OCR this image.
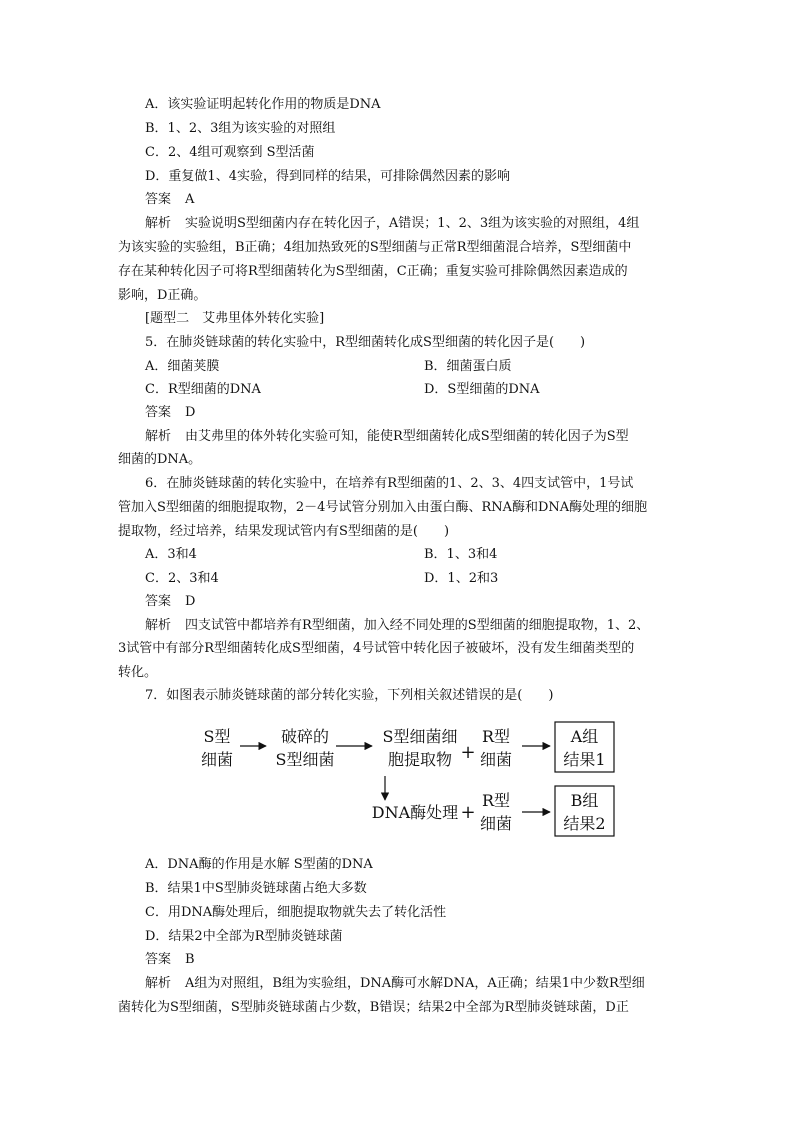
A．该实验证明起转化作用的物质是DNA
B．1、2、3组为该实验的对照组
C．2、4组可观察到 S型活菌
D．重复做1、4实验，得到同样的结果，可排除偶然因素的影响
答案 A
解析 实验说明S型细菌内存在转化因子，A错误；1、2、3组为该实验的对照组，4组
为该实验的实验组，B正确；4组加热致死的S型细菌与正常R型细菌混合培养，S型细菌中
存在某种转化因子可将R型细菌转化为S型细菌，C正确；重复实验可排除偶然因素造成的
影响，D正确。
[题型二　艾弗里体外转化实验]
5．在肺炎链球菌的转化实验中，R型细菌转化成S型细菌的转化因子是(　　)
A．细菌荚膜	B．细菌蛋白质
C．R型细菌的DNA	D．S型细菌的DNA
答案 D
解析 由艾弗里的体外转化实验可知，能使R型细菌转化成S型细菌的转化因子为S型
细菌的DNA。
6．在肺炎链球菌的转化实验中，在培养有R型细菌的1、2、3、4四支试管中，1号试
管加入S型细菌的细胞提取物，2－4号试管分别加入由蛋白酶、RNA酶和DNA酶处理的细胞
提取物，经过培养，结果发现试管内有S型细菌的是(　　)
A．3和4	B．1、3和4
C．2、3和4	D．1、2和3
答案 D
解析 四支试管中都培养有R型细菌，加入经不同处理的S型细菌的细胞提取物，1、2、
3试管中有部分R型细菌转化成S型细菌，4号试管中转化因子被破坏，没有发生细菌类型的
转化。
7．如图表示肺炎链球菌的部分转化实验，下列相关叙述错误的是(　　)
S型
细菌
破碎的
S型细菌
S型细菌细
胞提取物 +
R型
细菌
A组
结果1
DNA酶处理 +
R型
细菌
B组
结果2
A．DNA酶的作用是水解 S型菌的DNA
B．结果1中S型肺炎链球菌占绝大多数
C．用DNA酶处理后，细胞提取物就失去了转化活性
D．结果2中全部为R型肺炎链球菌
答案 B
解析 A组为对照组，B组为实验组，DNA酶可水解DNA，A正确；结果1中少数R型细
菌转化为S型细菌，S型肺炎链球菌占少数，B错误；结果2中全部为R型肺炎链球菌，D正
